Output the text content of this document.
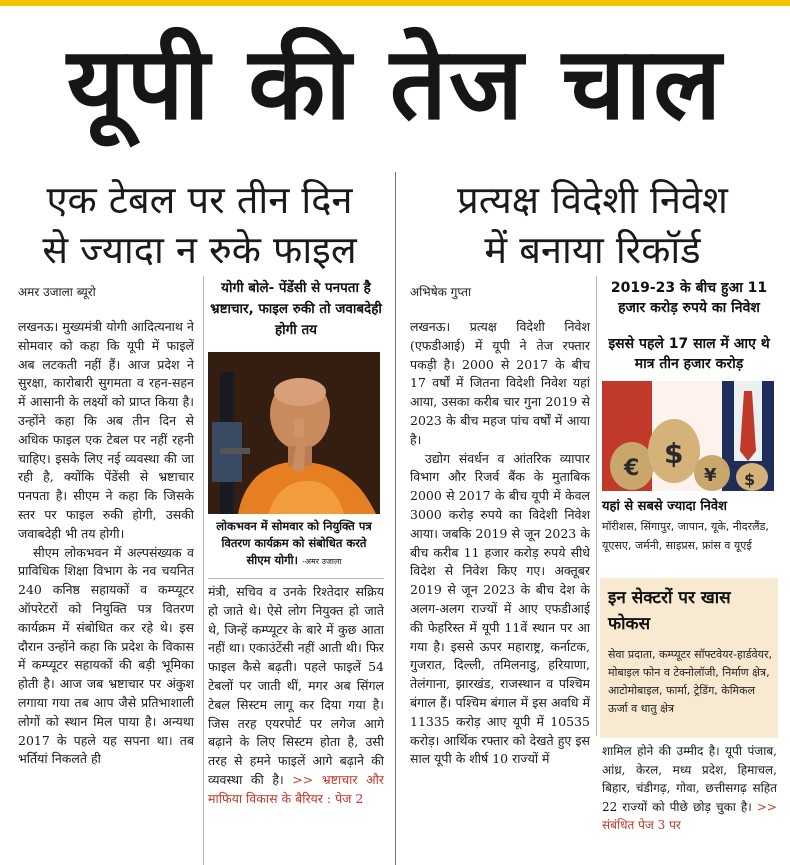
यूपी की तेज चाल
एक टेबल पर तीन दिन
से ज्यादा न रुके फाइल
प्रत्यक्ष विदेशी निवेश
में बनाया रिकॉर्ड
अमर उजाला ब्यूरो	अभिषेक गुप्ता

लखनऊ। मुख्यमंत्री योगी आदित्यनाथ ने सोमवार को कहा कि यूपी में फाइलें अब लटकती नहीं हैं। आज प्रदेश ने सुरक्षा, कारोबारी सुगमता व रहन-सहन में आसानी के लक्ष्यों को प्राप्त किया है। उन्होंने कहा कि अब तीन दिन से अधिक फाइल एक टेबल पर नहीं रहनी चाहिए। इसके लिए नई व्यवस्था की जा रही है, क्योंकि पेंडेंसी से भ्रष्टाचार पनपता है। सीएम ने कहा कि जिसके स्तर पर फाइल रुकी होगी, उसकी जवाबदेही भी तय होगी।

सीएम लोकभवन में अल्पसंख्यक व प्राविधिक शिक्षा विभाग के नव चयनित 240 कनिष्ठ सहायकों व कम्प्यूटर ऑपरेटरों को नियुक्ति पत्र वितरण कार्यक्रम में संबोधित कर रहे थे। इस दौरान उन्होंने कहा कि प्रदेश के विकास में कम्प्यूटर सहायकों की बड़ी भूमिका होती है। आज जब भ्रष्टाचार पर अंकुश लगाया गया तब आप जैसे प्रतिभाशाली लोगों को स्थान मिल पाया है। अन्यथा 2017 के पहले यह सपना था। तब भर्तियां निकलते ही

योगी बोले- पेंडेंसी से पनपता है भ्रष्टाचार, फाइल रुकी तो जवाबदेही होगी तय
लोकभवन में सोमवार को नियुक्ति पत्र वितरण कार्यक्रम को संबोधित करते सीएम योगी। -अमर उजाला

मंत्री, सचिव व उनके रिश्तेदार सक्रिय हो जाते थे। ऐसे लोग नियुक्त हो जाते थे, जिन्हें कम्प्यूटर के बारे में कुछ आता नहीं था। एकाउंटेंसी नहीं आती थी। फिर फाइल कैसे बढ़ती। पहले फाइलें 54 टेबलों पर जाती थीं, मगर अब सिंगल टेबल सिस्टम लागू कर दिया गया है। जिस तरह एयरपोर्ट पर लगेज आगे बढ़ाने के लिए सिस्टम होता है, उसी तरह से हमने फाइलें आगे बढ़ाने की व्यवस्था की है। >> भ्रष्टाचार और माफिया विकास के बैरियर : पेज 2

लखनऊ। प्रत्यक्ष विदेशी निवेश (एफडीआई) में यूपी ने तेज रफ्तार पकड़ी है। 2000 से 2017 के बीच 17 वर्षों में जितना विदेशी निवेश यहां आया, उसका करीब चार गुना 2019 से 2023 के बीच महज पांच वर्षों में आया है।

उद्योग संवर्धन व आंतरिक व्यापार विभाग और रिजर्व बैंक के मुताबिक 2000 से 2017 के बीच यूपी में केवल 3000 करोड़ रुपये का विदेशी निवेश आया। जबकि 2019 से जून 2023 के बीच करीब 11 हजार करोड़ रुपये सीधे विदेश से निवेश किए गए। अक्तूबर 2019 से जून 2023 के बीच देश के अलग-अलग राज्यों में आए एफडीआई की फेहरिस्त में यूपी 11वें स्थान पर आ गया है। इससे ऊपर महाराष्ट्र, कर्नाटक, गुजरात, दिल्ली, तमिलनाडु, हरियाणा, तेलंगाना, झारखंड, राजस्थान व पश्चिम बंगाल हैं। पश्चिम बंगाल में इस अवधि में 11335 करोड़ आए यूपी में 10535 करोड़। आर्थिक रफ्तार को देखते हुए इस साल यूपी के शीर्ष 10 राज्यों में

2019-23 के बीच हुआ 11 हजार करोड़ रुपये का निवेश
इससे पहले 17 साल में आए थे मात्र तीन हजार करोड़
€ $
¥ $
यहां से सबसे ज्यादा निवेश
मॉरीशस, सिंगापुर, जापान, यूके, नीदरलैंड, यूएसए, जर्मनी, साइप्रस, फ्रांस व यूएई
इन सेक्टरों पर खास फोकस
सेवा प्रदाता, कम्प्यूटर सॉफ्टवेयर-हार्डवेयर, मोबाइल फोन व टेक्नोलॉजी, निर्माण क्षेत्र, आटोमोबाइल, फार्मा, ट्रेडिंग, केमिकल ऊर्जा व धातु क्षेत्र

शामिल होने की उम्मीद है। यूपी पंजाब, आंध्र, केरल, मध्य प्रदेश, हिमाचल, बिहार, चंडीगढ़, गोवा, छत्तीसगढ़ सहित 22 राज्यों को पीछे छोड़ चुका है। >> संबंधित पेज 3 पर
